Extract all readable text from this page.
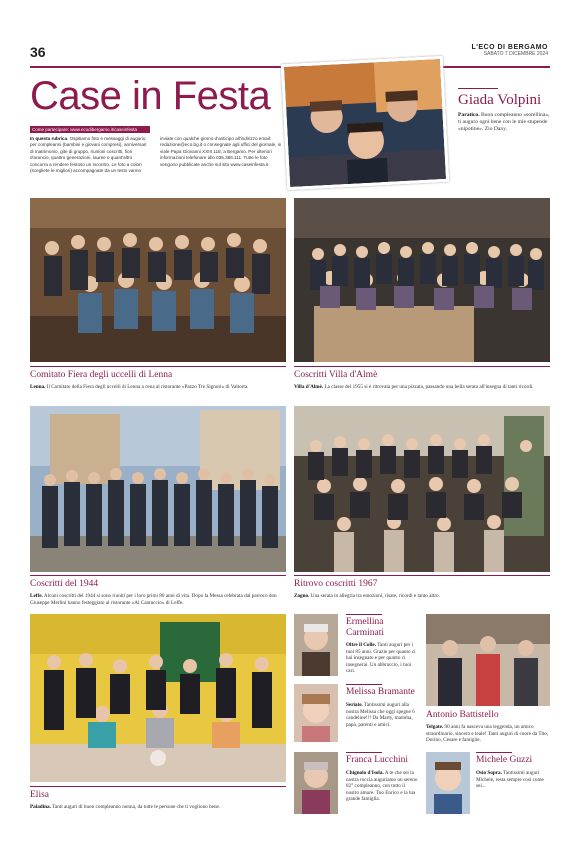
36	L'ECO DI BERGAMO
SABATO 7 DICEMBRE 2024
Case in Festa
Come partecipare: www.ecodibergamo.it/caseinfesta
In questa rubrica. Ospitiamo foto e messaggi di augurio per compleanni (bambini e giovani compresi), anniversari di matrimonio, gite di gruppo, riunioni coscritti, fiori d'arancio, quattro generazioni, lauree e quant'altro concorra a rendere festoso un incontro. Le foto a colori (scegliete le migliori) accompagnate da un testo vanno
inviate con qualche giorno d'anticipo all'indirizzo email: redazione@eco.bg.it o consegnate agli uffici del giornale, in viale Papa Giovanni XXIII 118, a Bergamo. Per ulteriori informazioni telefonare allo 035.386.111. Tutte le foto vengono pubblicate anche sul sito www.caseinfesta.it
Giada Volpini
Paratico. Buon compleanno «sorellina», ti auguro ogni bene con le mie stupende «nipotine». Zio Dany.
Comitato Fiera degli uccelli di Lenna
Lenna. Il Comitato della Fiera degli uccelli di Lenna a cena al ristorante «Pazzo Tre Signori» di Valtorta.
Coscritti Villa d'Almè
Villa d'Almè. La classe del 1955 si è ritrovata per una pizzata, passando una bella serata all'insegna di tanti ricordi.
Coscritti del 1944
Leffe. Alcuni coscritti del 1944 si sono riuniti per i loro primi 80 anni di vita. Dopo la Messa celebrata dal parroco don Giuseppe Merlini hanno festeggiato al ristorante «Al Cantuccio» di Leffe.
Ritrovo coscritti 1967
Zogno. Una serata in allegria tra emozioni, risate, ricordi e tanto altro.
Elisa
Paladina. Tanti auguri di buon compleanno nonna, da tutte le persone che ti vogliono bene.
Ermellina Carminati
Oltre il Colle. Tanti auguri per i tuoi 85 anni. Grazie per quanto ci hai insegnato e per quanto ci insegnerai. Un abbraccio, i tuoi cari.
Melissa Bramante
Seriate. Tantissimi auguri alla nostra Melissa che oggi spegne 6 candeline!!! Da Marty, mamma, papà, parenti e amici.
Antonio Battistello
Telgate. 90 anni fa nasceva una leggenda, un amico straordinario, sincero e leale! Tanti auguri di cuore da Tito, Dorino, Cesare e famiglie.
Franca Lucchini
Chignolo d'Isola. A te che sei la nostra roccia auguriamo un sereno 82° compleanno, con tutto il nostro amore. Tuo Enrico e la tua grande famiglia.
Michele Guzzi
Osio Sopra. Tantissimi auguri Michele, resta sempre così come sei...
